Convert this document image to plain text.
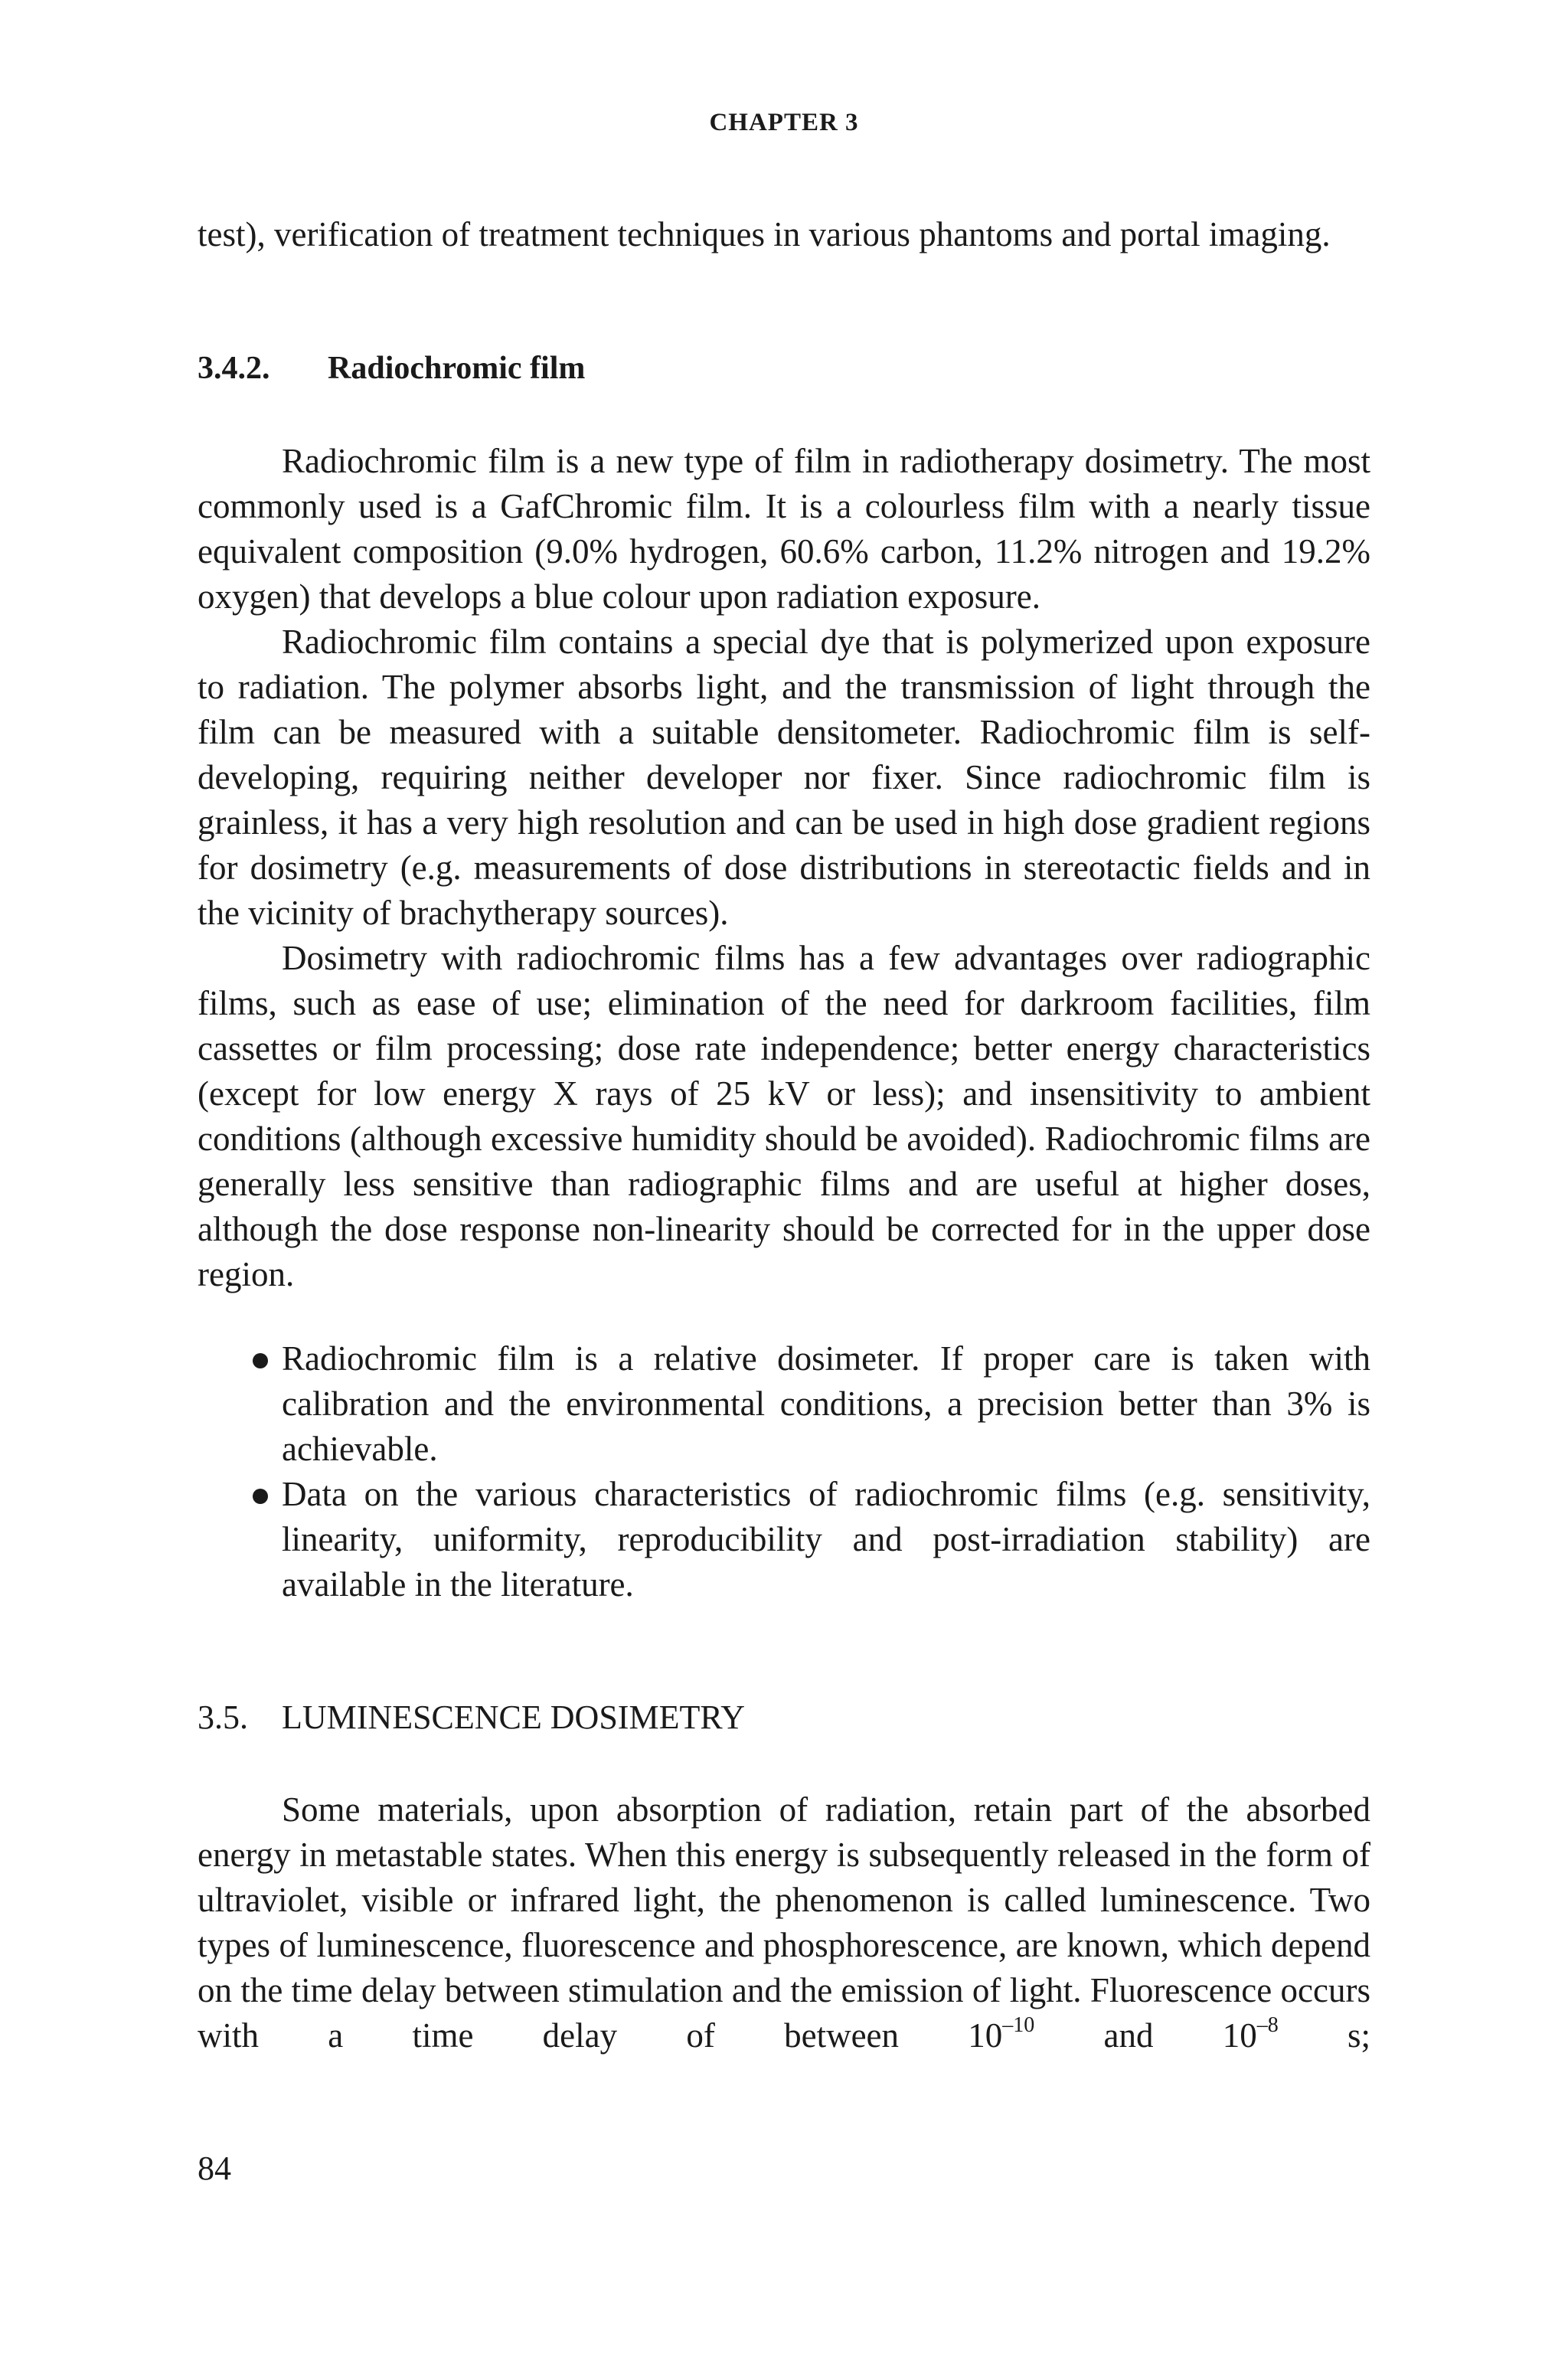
CHAPTER 3

test), verification of treatment techniques in various phantoms and portal imaging.

3.4.2. Radiochromic film

Radiochromic film is a new type of film in radiotherapy dosimetry. The most commonly used is a GafChromic film. It is a colourless film with a nearly tissue equivalent composition (9.0% hydrogen, 60.6% carbon, 11.2% nitrogen and 19.2% oxygen) that develops a blue colour upon radiation exposure.

Radiochromic film contains a special dye that is polymerized upon exposure to radiation. The polymer absorbs light, and the transmission of light through the film can be measured with a suitable densitometer. Radiochromic film is self-developing, requiring neither developer nor fixer. Since radiochromic film is grainless, it has a very high resolution and can be used in high dose gradient regions for dosimetry (e.g. measurements of dose distributions in stereotactic fields and in the vicinity of brachytherapy sources).

Dosimetry with radiochromic films has a few advantages over radiographic films, such as ease of use; elimination of the need for darkroom facilities, film cassettes or film processing; dose rate independence; better energy characteristics (except for low energy X rays of 25 kV or less); and insensitivity to ambient conditions (although excessive humidity should be avoided). Radiochromic films are generally less sensitive than radiographic films and are useful at higher doses, although the dose response non-linearity should be corrected for in the upper dose region.

Radiochromic film is a relative dosimeter. If proper care is taken with calibration and the environmental conditions, a precision better than 3% is achievable.
Data on the various characteristics of radiochromic films (e.g. sensitivity, linearity, uniformity, reproducibility and post-irradiation stability) are available in the literature.
3.5. LUMINESCENCE DOSIMETRY

Some materials, upon absorption of radiation, retain part of the absorbed energy in metastable states. When this energy is subsequently released in the form of ultraviolet, visible or infrared light, the phenomenon is called luminescence. Two types of luminescence, fluorescence and phosphorescence, are known, which depend on the time delay between stimulation and the emission of light. Fluorescence occurs with a time delay of between $10^{-10}$ and $10^{-8}$ s;

84
